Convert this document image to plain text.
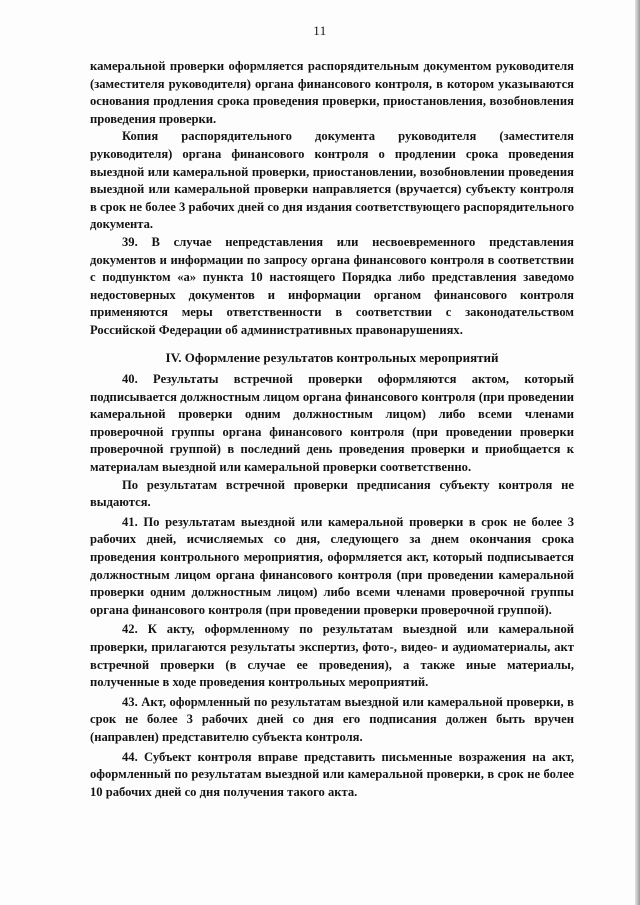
11

камеральной проверки оформляется распорядительным документом руководителя (заместителя руководителя) органа финансового контроля, в котором указываются основания продления срока проведения проверки, приостановления, возобновления проведения проверки.

Копия распорядительного документа руководителя (заместителя руководителя) органа финансового контроля о продлении срока проведения выездной или камеральной проверки, приостановлении, возобновлении проведения выездной или камеральной проверки направляется (вручается) субъекту контроля в срок не более 3 рабочих дней со дня издания соответствующего распорядительного документа.

39. В случае непредставления или несвоевременного представления документов и информации по запросу органа финансового контроля в соответствии с подпунктом «а» пункта 10 настоящего Порядка либо представления заведомо недостоверных документов и информации органом финансового контроля применяются меры ответственности в соответствии с законодательством Российской Федерации об административных правонарушениях.

IV. Оформление результатов контрольных мероприятий

40. Результаты встречной проверки оформляются актом, который подписывается должностным лицом органа финансового контроля (при проведении камеральной проверки одним должностным лицом) либо всеми членами проверочной группы органа финансового контроля (при проведении проверки проверочной группой) в последний день проведения проверки и приобщается к материалам выездной или камеральной проверки соответственно.

По результатам встречной проверки предписания субъекту контроля не выдаются.

41. По результатам выездной или камеральной проверки в срок не более 3 рабочих дней, исчисляемых со дня, следующего за днем окончания срока проведения контрольного мероприятия, оформляется акт, который подписывается должностным лицом органа финансового контроля (при проведении камеральной проверки одним должностным лицом) либо всеми членами проверочной группы органа финансового контроля (при проведении проверки проверочной группой).

42. К акту, оформленному по результатам выездной или камеральной проверки, прилагаются результаты экспертиз, фото-, видео- и аудиоматериалы, акт встречной проверки (в случае ее проведения), а также иные материалы, полученные в ходе проведения контрольных мероприятий.

43. Акт, оформленный по результатам выездной или камеральной проверки, в срок не более 3 рабочих дней со дня его подписания должен быть вручен (направлен) представителю субъекта контроля.

44. Субъект контроля вправе представить письменные возражения на акт, оформленный по результатам выездной или камеральной проверки, в срок не более 10 рабочих дней со дня получения такого акта.
